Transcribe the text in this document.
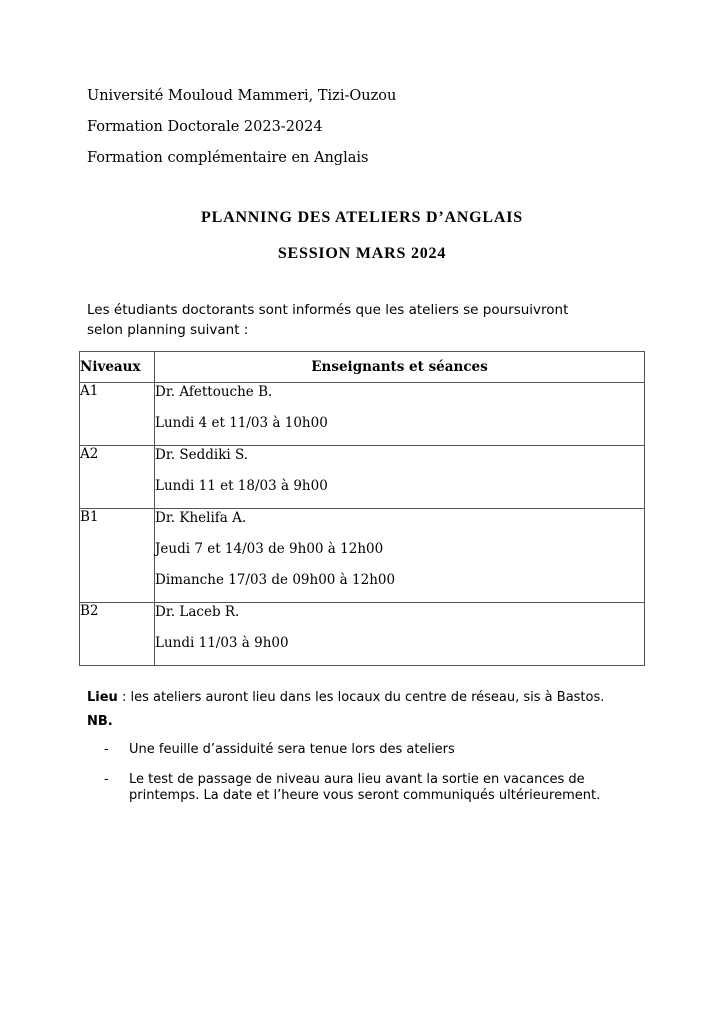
Université Mouloud Mammeri, Tizi-Ouzou
Formation Doctorale 2023-2024
Formation complémentaire en Anglais
PLANNING DES ATELIERS D’ANGLAIS
SESSION MARS 2024
Les étudiants doctorants sont informés que les ateliers se poursuivront selon planning suivant :
Niveaux	Enseignants et séances
A1	Dr. Afettouche B.
Lundi 4 et 11/03 à 10h00

A2	Dr. Seddiki S.
Lundi 11 et 18/03 à 9h00

B1	Dr. Khelifa A.
Jeudi 7 et 14/03 de 9h00 à 12h00
Dimanche 17/03 de 09h00 à 12h00

B2	Dr. Laceb R.
Lundi 11/03 à 9h00
Lieu : les ateliers auront lieu dans les locaux du centre de réseau, sis à Bastos.
NB.
- Une feuille d’assiduité sera tenue lors des ateliers
- Le test de passage de niveau aura lieu avant la sortie en vacances de printemps. La date et l’heure vous seront communiqués ultérieurement.
